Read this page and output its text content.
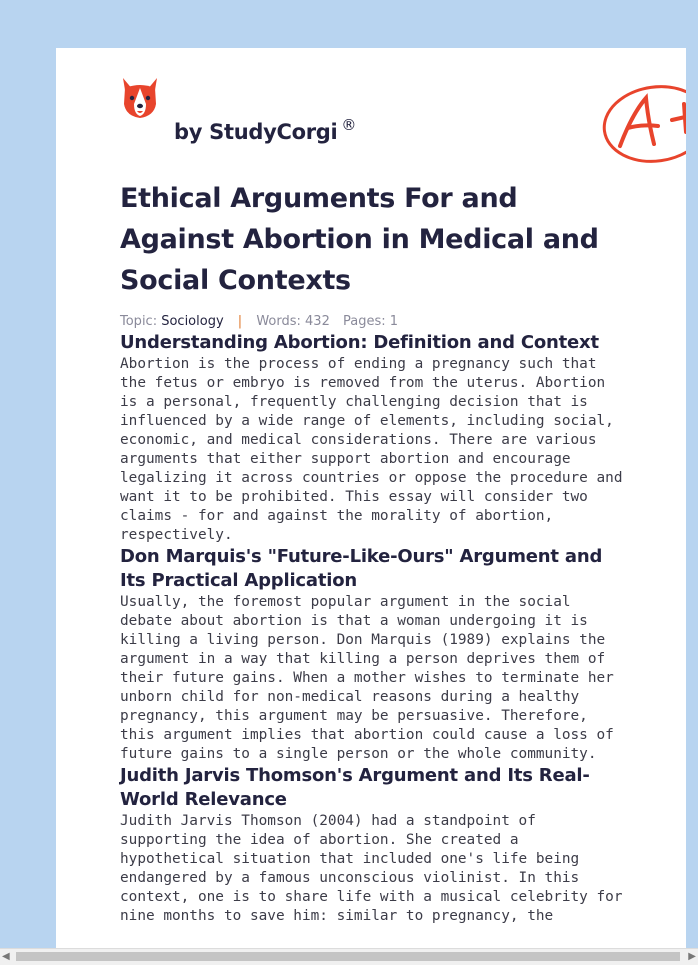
by StudyCorgi ®
Ethical Arguments For and Against Abortion in Medical and Social Contexts
Topic: Sociology | Words: 432 Pages: 1
Understanding Abortion: Definition and Context

Abortion is the process of ending a pregnancy such that the fetus or embryo is removed from the uterus. Abortion is a personal, frequently challenging decision that is influenced by a wide range of elements, including social, economic, and medical considerations. There are various arguments that either support abortion and encourage legalizing it across countries or oppose the procedure and want it to be prohibited. This essay will consider two claims - for and against the morality of abortion, respectively.

Don Marquis's "Future-Like-Ours" Argument and Its Practical Application

Usually, the foremost popular argument in the social debate about abortion is that a woman undergoing it is killing a living person. Don Marquis (1989) explains the argument in a way that killing a person deprives them of their future gains. When a mother wishes to terminate her unborn child for non-medical reasons during a healthy pregnancy, this argument may be persuasive. Therefore, this argument implies that abortion could cause a loss of future gains to a single person or the whole community.

Judith Jarvis Thomson's Argument and Its Real-World Relevance

Judith Jarvis Thomson (2004) had a standpoint of supporting the idea of abortion. She created a hypothetical situation that included one's life being endangered by a famous unconscious violinist. In this context, one is to share life with a musical celebrity for nine months to save him: similar to pregnancy, the

◀	▶
